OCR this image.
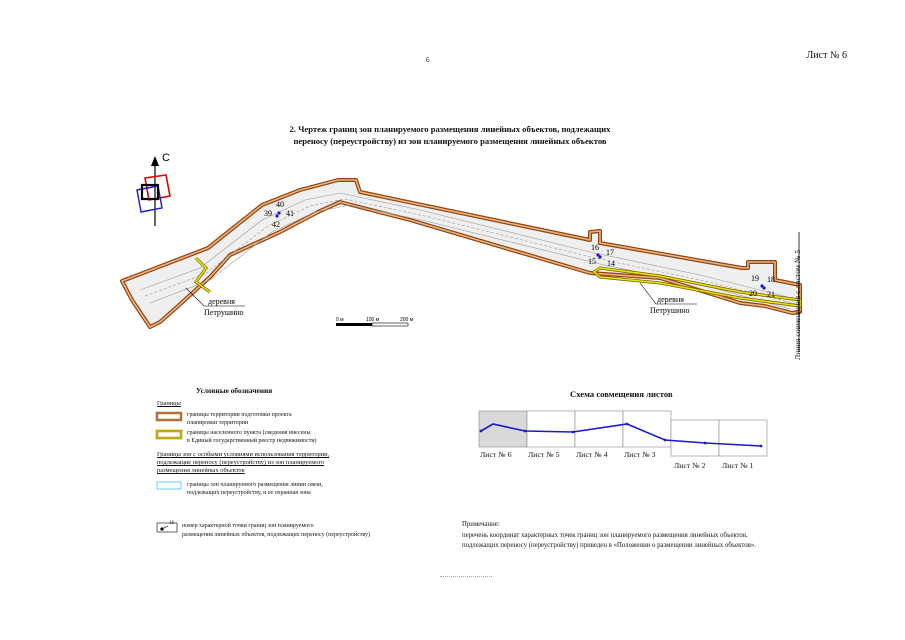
6	Лист № 6
2. Чертеж границ зон планируемого размещения линейных объектов, подлежащих
переносу (переустройству) из зон планируемого размещения линейных объектов
С
40
39 41
42
16
17
15 14
19 18
20 21
деревня
Петрушино
деревня
Петрушино
0 м	100 м	200 м	Линия совмещения с листом № 5
Условные обозначения
Границы
границы территории подготовки проекта
планировки территории
границы населенного пункта (сведения внесены
в Единый государственный реестр недвижимости)
Границы зон с особыми условиями использования территории,
подлежащие переносу (переустройству) из зон планируемого
размещения линейных объектов
границы зон планируемого размещения линии связи,
подлежащих переустройству, и ее охранная зона
18 номер характерной точки границ зон планируемого
размещения линейных объектов, подлежащих переносу (переустройству)
Схема совмещения листов
Лист № 6 Лист № 5 Лист № 4 Лист № 3
Лист № 2 Лист № 1
Примечание:
перечень координат характерных точек границ зон планируемого размещения линейных объектов,
подлежащих переносу (переустройству) приведен в «Положении о размещении линейных объектов».
